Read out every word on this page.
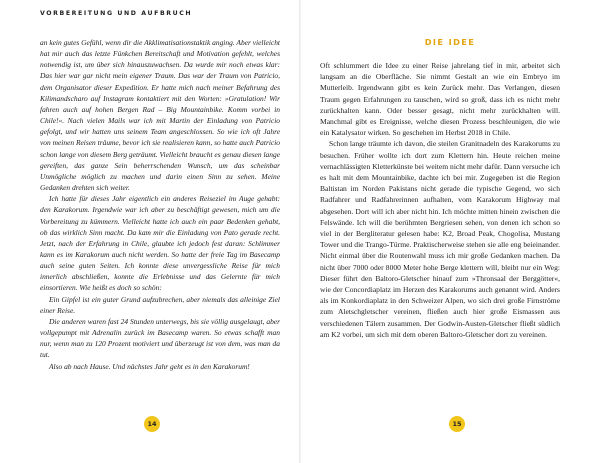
VORBEREITUNG UND AUFBRUCH

an kein gutes Gefühl, wenn dir die Akklimatisationstaktik anging. Aber vielleicht hat mir auch das letzte Fünkchen Bereitschaft und Motivation gefehlt, welches notwendig ist, um über sich hinauszuwachsen. Da wurde mir noch etwas klar: Das hier war gar nicht mein eigener Traum. Das war der Traum von Patricio, dem Organisator dieser Expedition. Er hatte mich nach meiner Befahrung des Kilimandscharo auf Instagram kontaktiert mit den Worten: »Gratulation! Wir fahren auch auf hohen Bergen Rad – Big Mountainbike. Komm vorbei in Chile!«. Nach vielen Mails war ich mit Martin der Einladung von Patricio gefolgt, und wir hatten uns seinem Team angeschlossen. So wie ich oft Jahre von meinen Reisen träume, bevor ich sie realisieren kann, so hatte auch Patricio schon lange von diesem Berg geträumt. Vielleicht braucht es genau diesen lange gereiften, das ganze Sein beherrschenden Wunsch, um das scheinbar Unmögliche möglich zu machen und darin einen Sinn zu sehen. Meine Gedanken drehten sich weiter.

Ich hatte für dieses Jahr eigentlich ein anderes Reiseziel im Auge gehabt: den Karakorum. Irgendwie war ich aber zu beschäftigt gewesen, mich um die Vorbereitung zu kümmern. Vielleicht hatte ich auch ein paar Bedenken gehabt, ob das wirklich Sinn macht. Da kam mir die Einladung von Pato gerade recht. Jetzt, nach der Erfahrung in Chile, glaubte ich jedoch fest daran: Schlimmer kann es im Karakorum auch nicht werden. So hatte der freie Tag im Basecamp auch seine guten Seiten. Ich konnte diese unvergessliche Reise für mich innerlich abschließen, konnte die Erlebnisse und das Gelernte für mich einsortieren. Wie heißt es doch so schön:

Ein Gipfel ist ein guter Grund aufzubrechen, aber niemals das alleinige Ziel einer Reise.

Die anderen waren fast 24 Stunden unterwegs, bis sie völlig ausgelaugt, aber vollgepumpt mit Adrenalin zurück im Basecamp waren. So etwas schafft man nur, wenn man zu 120 Prozent motiviert und überzeugt ist von dem, was man da tut.

Also ab nach Hause. Und nächstes Jahr geht es in den Karakorum!

14
DIE IDEE

Oft schlummert die Idee zu einer Reise jahrelang tief in mir, arbeitet sich langsam an die Oberfläche. Sie nimmt Gestalt an wie ein Embryo im Mutterleib. Irgendwann gibt es kein Zurück mehr. Das Verlangen, diesen Traum gegen Erfahrungen zu tauschen, wird so groß, dass ich es nicht mehr zurückhalten kann. Oder besser gesagt, nicht mehr zurückhalten will. Manchmal gibt es Ereignisse, welche diesen Prozess beschleunigen, die wie ein Katalysator wirken. So geschehen im Herbst 2018 in Chile.

Schon lange träumte ich davon, die steilen Granitnadeln des Karakorums zu besuchen. Früher wollte ich dort zum Klettern hin. Heute reichen meine vernachlässigten Kletterkünste bei weitem nicht mehr dafür. Dann versuche ich es halt mit dem Mountainbike, dachte ich bei mir. Zugegeben ist die Region Baltistan im Norden Pakistans nicht gerade die typische Gegend, wo sich Radfahrer und Radfahrerinnen aufhalten, vom Karakorum Highway mal abgesehen. Dort will ich aber nicht hin. Ich möchte mitten hinein zwischen die Felswände. Ich will die berühmten Bergriesen sehen, von denen ich schon so viel in der Bergliteratur gelesen habe: K2, Broad Peak, Chogolisa, Mustang Tower und die Trango-Türme. Praktischerweise stehen sie alle eng beieinander. Nicht einmal über die Routenwahl muss ich mir große Gedanken machen. Da nicht über 7000 oder 8000 Meter hohe Berge klettern will, bleibt nur ein Weg: Dieser führt den Baltoro-Gletscher hinauf zum »Thronsaal der Berggötter«, wie der Concordiaplatz im Herzen des Karakorums auch genannt wird. Anders als im Konkordiaplatz in den Schweizer Alpen, wo sich drei große Firnströme zum Aletschgletscher vereinen, fließen auch hier große Eismassen aus verschiedenen Tälern zusammen. Der Godwin-Austen-Gletscher fließt südlich am K2 vorbei, um sich mit dem oberen Baltoro-Gletscher dort zu vereinen.

15
